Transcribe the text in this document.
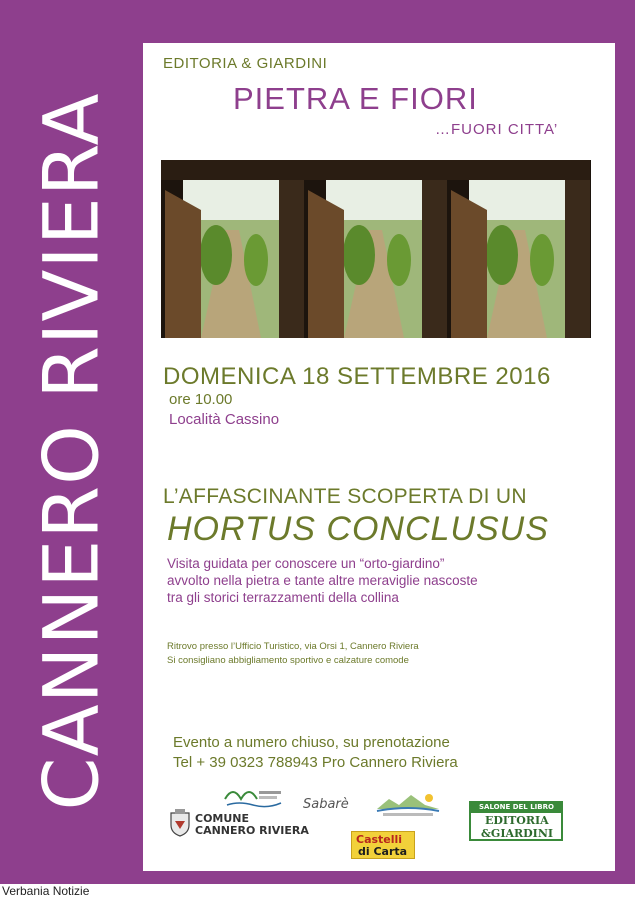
CANNERO RIVIERA
EDITORIA & GIARDINI
PIETRA E FIORI
…FUORI CITTA’
DOMENICA 18 SETTEMBRE 2016
ore 10.00
Località Cassino
L’AFFASCINANTE SCOPERTA DI UN
HORTUS CONCLUSUS
Visita guidata per conoscere un “orto-giardino”
avvolto nella pietra e tante altre meraviglie nascoste
tra gli storici terrazzamenti della collina
Ritrovo presso l’Ufficio Turistico, via Orsi 1, Cannero Riviera
Si consigliano abbigliamento sportivo e calzature comode
Evento a numero chiuso, su prenotazione
Tel + 39 0323 788943 Pro Cannero Riviera
COMUNE
CANNERO RIVIERA
Sabarè
Castelli
di Carta
SALONE DEL LIBRO
EDITORIA
&GIARDINI
Verbania Notizie
